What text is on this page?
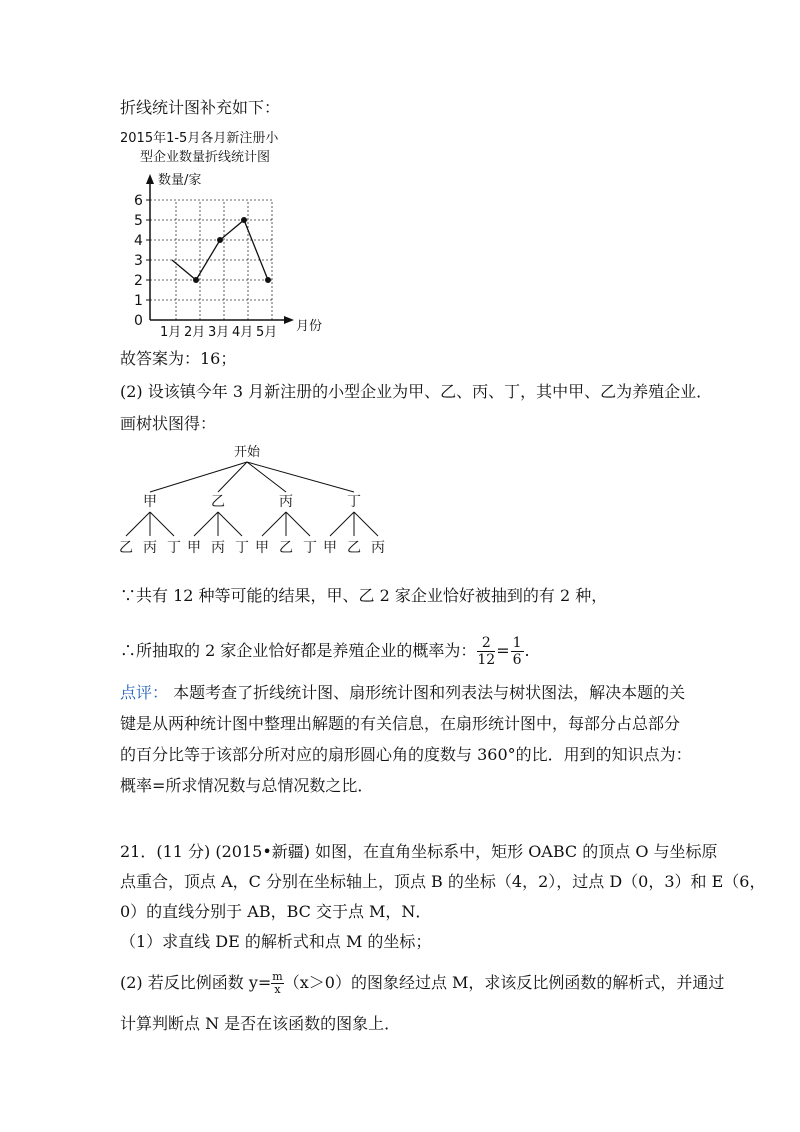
折线统计图补充如下：
2015年1-5月各月新注册小
型企业数量折线统计图
数量/家
6
5
4
3
2
1
0
1月 2月 3月 4月 5月 月份
故答案为：16；
(2) 设该镇今年 3 月新注册的小型企业为甲、乙、丙、丁，其中甲、乙为养殖企业．
画树状图得：
开始
甲
乙 丙 丁
乙
甲 丙 丁
丙
甲 乙 丁
丁
甲 乙 丙
∵共有 12 种等可能的结果，甲、乙 2 家企业恰好被抽到的有 2 种，
∴所抽取的 2 家企业恰好都是养殖企业的概率为： $\frac{2}{12} = \frac{1}{6}$ .
点评： 本题考查了折线统计图、扇形统计图和列表法与树状图法，解决本题的关
键是从两种统计图中整理出解题的有关信息，在扇形统计图中，每部分占总部分
的百分比等于该部分所对应的扇形圆心角的度数与 360°的比．用到的知识点为：
概率=所求情况数与总情况数之比．
21．(11 分) (2015•新疆) 如图，在直角坐标系中，矩形 OABC 的顶点 O 与坐标原
点重合，顶点 A，C 分别在坐标轴上，顶点 B 的坐标（4，2），过点 D（0，3）和 E（6，
0）的直线分别于 AB，BC 交于点 M，N．
（1）求直线 DE 的解析式和点 M 的坐标；
(2) 若反比例函数 $y= \frac{m}{x} (x>0)$的图象经过点 M，求该反比例函数的解析式，并通过
计算判断点 N 是否在该函数的图象上．
